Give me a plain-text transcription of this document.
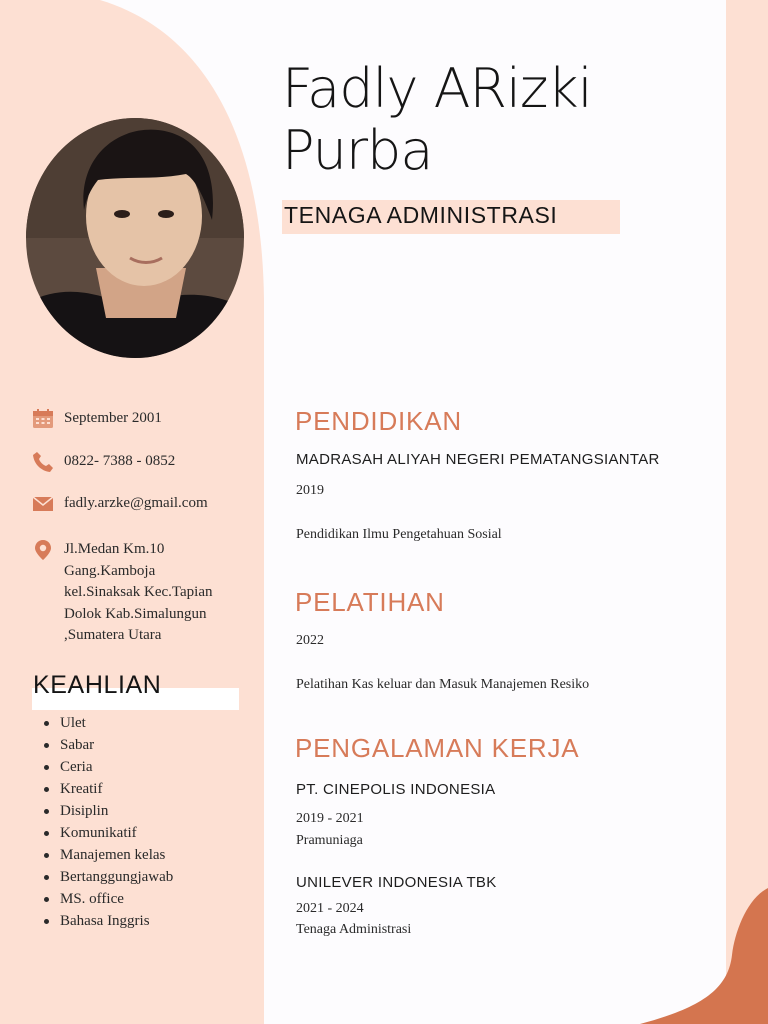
Fadly ARizki
Purba
TENAGA ADMINISTRASI
September 2001
0822- 7388 - 0852
fadly.arzke@gmail.com
Jl.Medan Km.10
Gang.Kamboja
kel.Sinaksak Kec.Tapian
Dolok Kab.Simalungun
,Sumatera Utara
KEAHLIAN
Ulet
Sabar
Ceria
Kreatif
Disiplin
Komunikatif
Manajemen kelas
Bertanggungjawab
MS. office
Bahasa Inggris
PENDIDIKAN
MADRASAH ALIYAH NEGERI PEMATANGSIANTAR
2019
Pendidikan Ilmu Pengetahuan Sosial
PELATIHAN
2022
Pelatihan Kas keluar dan Masuk Manajemen Resiko
PENGALAMAN KERJA
PT. CINEPOLIS INDONESIA
2019 - 2021
Pramuniaga
UNILEVER INDONESIA TBK
2021 - 2024
Tenaga Administrasi
